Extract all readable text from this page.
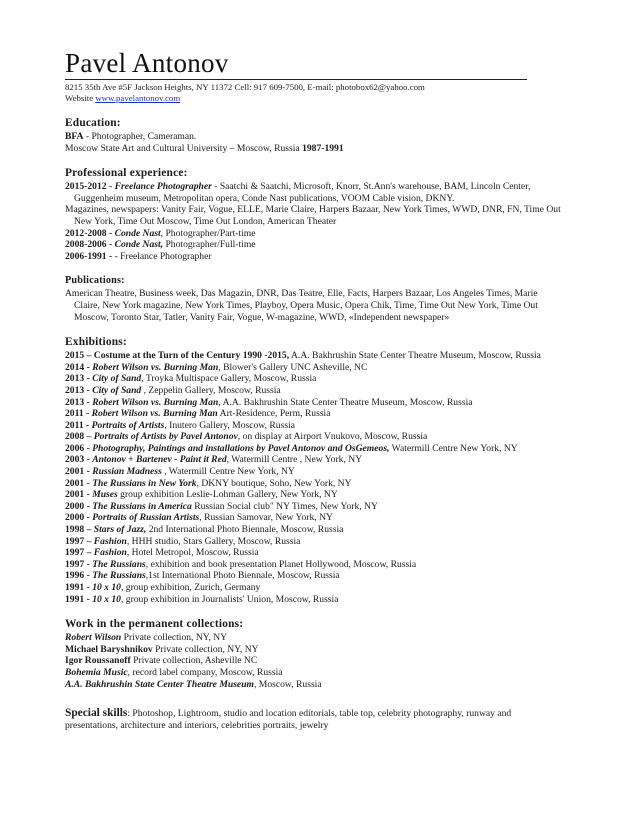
Pavel Antonov
8215 35th Ave #5F Jackson Heights, NY 11372 Cell: 917 609-7500, E-mail: photobox62@yahoo.com
Website www.pavelantonov.com
Education:
BFA - Photographer, Cameraman.
Moscow State Art and Cultural University – Moscow, Russia 1987-1991
Professional experience:
2015-2012 - Freelance Photographer - Saatchi & Saatchi, Microsoft, Knorr, St.Ann's warehouse, BAM, Lincoln Center, Guggenheim museum, Metropolitan opera, Conde Nast publications, VOOM Cable vision, DKNY.
Magazines, newspapers: Vanity Fair, Vogue, ELLE, Marie Claire, Harpers Bazaar, New York Times, WWD, DNR, FN, Time Out New York, Time Out Moscow, Time Out London, American Theater
2012-2008 - Conde Nast, Photographer/Part-time
2008-2006 - Conde Nast, Photographer/Full-time
2006-1991 - - Freelance Photographer
Publications:
American Theatre, Business week, Das Magazin, DNR, Das Teatre, Elle, Facts, Harpers Bazaar, Los Angeles Times, Marie Claire, New York magazine, New York Times, Playboy, Opera Music, Opera Chik, Time, Time Out New York, Time Out Moscow, Toronto Star, Tatler, Vanity Fair, Vogue, W-magazine, WWD, «Independent newspaper»
Exhibitions:
2015 – Costume at the Turn of the Century 1990 -2015, A.A. Bakhrushin State Center Theatre Museum, Moscow, Russia
2014 - Robert Wilson vs. Burning Man, Blower's Gallery UNC Asheville, NC
2013 - City of Sand, Troyka Multispace Gallery, Moscow, Russia
2013 - City of Sand , Zeppelin Gallery, Moscow, Russia
2013 - Robert Wilson vs. Burning Man, A.A. Bakhrushin State Center Theatre Museum, Moscow, Russia
2011 - Robert Wilson vs. Burning Man Art-Residence, Perm, Russia
2011 - Portraits of Artists, Inutero Gallery, Moscow, Russia
2008 – Portraits of Artists by Pavel Antonov, on display at Airport Vnukovo, Moscow, Russia
2006 - Photography, Paintings and installations by Pavel Antonov and OsGemeos, Watermill Centre New York, NY
2003 - Antonov + Bartenev - Paint it Red, Watermill Centre , New York, NY
2001 - Russian Madness , Watermill Centre New York, NY
2001 - The Russians in New York, DKNY boutique, Soho, New York, NY
2001 - Muses group exhibition Leslie-Lohman Gallery, New York, NY
2000 - The Russians in America Russian Social club" NY Times, New York, NY
2000 - Portraits of Russian Artists, Russian Samovar, New York, NY
1998 – Stars of Jazz, 2nd International Photo Biennale, Moscow, Russia
1997 – Fashion, HHH studio, Stars Gallery, Moscow, Russia
1997 – Fashion, Hotel Metropol, Moscow, Russia
1997 - The Russians, exhibition and book presentation Planet Hollywood, Moscow, Russia
1996 - The Russians,1st International Photo Biennale, Moscow, Russia
1991 - 10 x 10, group exhibition, Zurich, Germany
1991 - 10 x 10, group exhibition in Journalists' Union, Moscow, Russia
Work in the permanent collections:
Robert Wilson Private collection, NY, NY
Michael Baryshnikov Private collection, NY, NY
Igor Roussanoff Private collection, Asheville NC
Bohemia Music, record label company, Moscow, Russia
A.A. Bakhrushin State Center Theatre Museum, Moscow, Russia
Special skills: Photoshop, Lightroom, studio and location editorials, table top, celebrity photography, runway and presentations, architecture and interiors, celebrities portraits, jewelry
